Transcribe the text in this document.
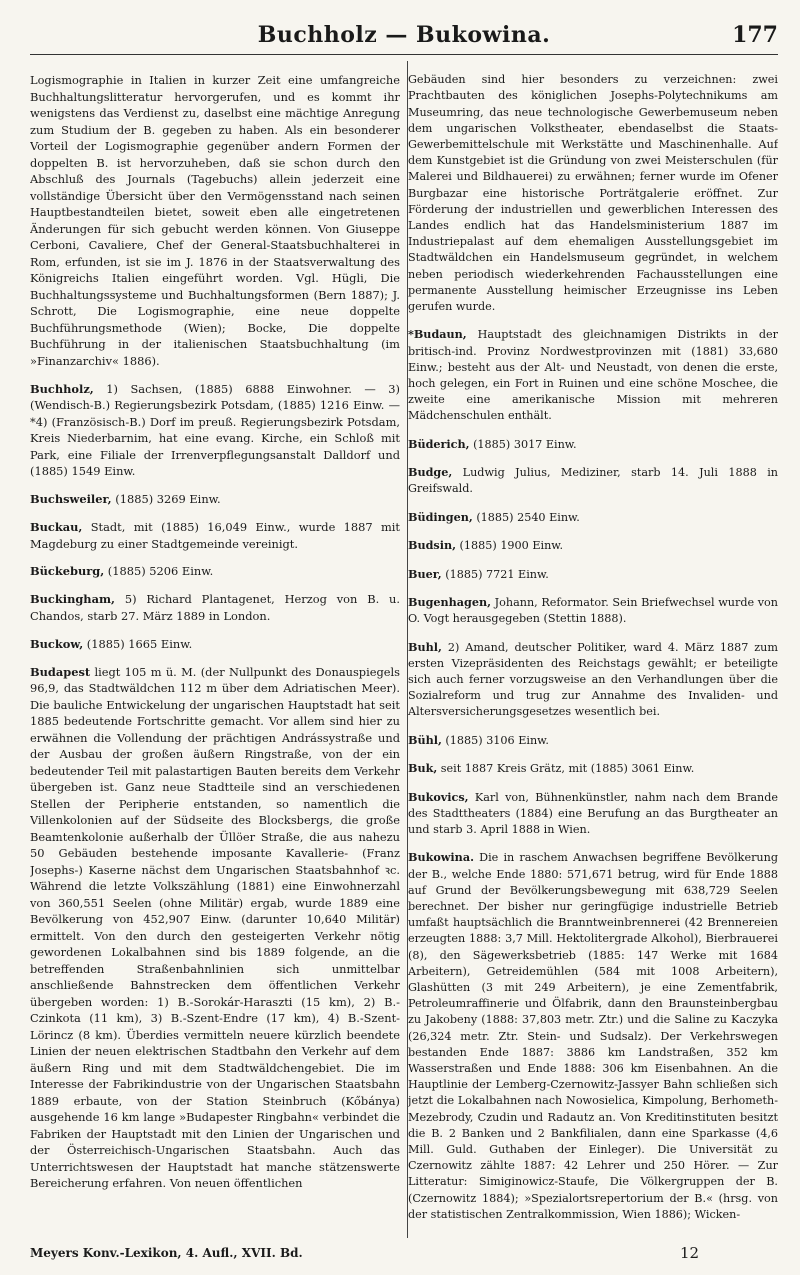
Buchholz — Bukowina.	177

Logismographie in Italien in kurzer Zeit eine umfangreiche Buchhaltungslitteratur hervorgerufen, und es kommt ihr wenigstens das Verdienst zu, daselbst eine mächtige Anregung zum Studium der B. gegeben zu haben. Als ein besonderer Vorteil der Logismographie gegenüber andern Formen der doppelten B. ist hervorzuheben, daß sie schon durch den Abschluß des Journals (Tagebuchs) allein jederzeit eine vollständige Übersicht über den Vermögensstand nach seinen Hauptbestandteilen bietet, soweit eben alle eingetretenen Änderungen für sich gebucht werden können. Von Giuseppe Cerboni, Cavaliere, Chef der General-Staatsbuchhalterei in Rom, erfunden, ist sie im J. 1876 in der Staatsverwaltung des Königreichs Italien eingeführt worden. Vgl. Hügli, Die Buchhaltungssysteme und Buchhaltungsformen (Bern 1887); J. Schrott, Die Logismographie, eine neue doppelte Buchführungsmethode (Wien); Bocke, Die doppelte Buchführung in der italienischen Staatsbuchhaltung (im »Finanzarchiv« 1886).

Buchholz, 1) Sachsen, (1885) 6888 Einwohner. — 3) (Wendisch-B.) Regierungsbezirk Potsdam, (1885) 1216 Einw. — *4) (Französisch-B.) Dorf im preuß. Regierungsbezirk Potsdam, Kreis Niederbarnim, hat eine evang. Kirche, ein Schloß mit Park, eine Filiale der Irrenverpflegungsanstalt Dalldorf und (1885) 1549 Einw.

Buchsweiler, (1885) 3269 Einw.

Buckau, Stadt, mit (1885) 16,049 Einw., wurde 1887 mit Magdeburg zu einer Stadtgemeinde vereinigt.

Bückeburg, (1885) 5206 Einw.

Buckingham, 5) Richard Plantagenet, Herzog von B. u. Chandos, starb 27. März 1889 in London.

Buckow, (1885) 1665 Einw.

Budapest liegt 105 m ü. M. (der Nullpunkt des Donauspiegels 96,9, das Stadtwäldchen 112 m über dem Adriatischen Meer). Die bauliche Entwickelung der ungarischen Hauptstadt hat seit 1885 bedeutende Fortschritte gemacht. Vor allem sind hier zu erwähnen die Vollendung der prächtigen Andrássystraße und der Ausbau der großen äußern Ringstraße, von der ein bedeutender Teil mit palastartigen Bauten bereits dem Verkehr übergeben ist. Ganz neue Stadtteile sind an verschiedenen Stellen der Peripherie entstanden, so namentlich die Villenkolonien auf der Südseite des Blocksbergs, die große Beamtenkolonie außerhalb der Üllöer Straße, die aus nahezu 50 Gebäuden bestehende imposante Kavallerie- (Franz Josephs-) Kaserne nächst dem Ungarischen Staatsbahnhof ꝛc. Während die letzte Volkszählung (1881) eine Einwohnerzahl von 360,551 Seelen (ohne Militär) ergab, wurde 1889 eine Bevölkerung von 452,907 Einw. (darunter 10,640 Militär) ermittelt. Von den durch den gesteigerten Verkehr nötig gewordenen Lokalbahnen sind bis 1889 folgende, an die betreffenden Straßenbahnlinien sich unmittelbar anschließende Bahnstrecken dem öffentlichen Verkehr übergeben worden: 1) B.-Sorokár-Haraszti (15 km), 2) B.-Czinkota (11 km), 3) B.-Szent-Endre (17 km), 4) B.-Szent-Lörincz (8 km). Überdies vermitteln neuere kürzlich beendete Linien der neuen elektrischen Stadtbahn den Verkehr auf dem äußern Ring und mit dem Stadtwäldchengebiet. Die im Interesse der Fabrikindustrie von der Ungarischen Staatsbahn 1889 erbaute, von der Station Steinbruch (Kőbánya) ausgehende 16 km lange »Budapester Ringbahn« verbindet die Fabriken der Hauptstadt mit den Linien der Ungarischen und der Österreichisch-Ungarischen Staatsbahn. Auch das Unterrichtswesen der Hauptstadt hat manche stätzenswerte Bereicherung erfahren. Von neuen öffentlichen

Gebäuden sind hier besonders zu verzeichnen: zwei Prachtbauten des königlichen Josephs-Polytechnikums am Museumring, das neue technologische Gewerbemuseum neben dem ungarischen Volkstheater, ebendaselbst die Staats-Gewerbemittelschule mit Werkstätte und Maschinenhalle. Auf dem Kunstgebiet ist die Gründung von zwei Meisterschulen (für Malerei und Bildhauerei) zu erwähnen; ferner wurde im Ofener Burgbazar eine historische Porträtgalerie eröffnet. Zur Förderung der industriellen und gewerblichen Interessen des Landes endlich hat das Handelsministerium 1887 im Industriepalast auf dem ehemaligen Ausstellungsgebiet im Stadtwäldchen ein Handelsmuseum gegründet, in welchem neben periodisch wiederkehrenden Fachausstellungen eine permanente Ausstellung heimischer Erzeugnisse ins Leben gerufen wurde.

*Budaun, Hauptstadt des gleichnamigen Distrikts in der britisch-ind. Provinz Nordwestprovinzen mit (1881) 33,680 Einw.; besteht aus der Alt- und Neustadt, von denen die erste, hoch gelegen, ein Fort in Ruinen und eine schöne Moschee, die zweite eine amerikanische Mission mit mehreren Mädchenschulen enthält.

Büderich, (1885) 3017 Einw.

Budge, Ludwig Julius, Mediziner, starb 14. Juli 1888 in Greifswald.

Büdingen, (1885) 2540 Einw.

Budsin, (1885) 1900 Einw.

Buer, (1885) 7721 Einw.

Bugenhagen, Johann, Reformator. Sein Briefwechsel wurde von O. Vogt herausgegeben (Stettin 1888).

Buhl, 2) Amand, deutscher Politiker, ward 4. März 1887 zum ersten Vizepräsidenten des Reichstags gewählt; er beteiligte sich auch ferner vorzugsweise an den Verhandlungen über die Sozialreform und trug zur Annahme des Invaliden- und Altersversicherungsgesetzes wesentlich bei.

Bühl, (1885) 3106 Einw.

Buk, seit 1887 Kreis Grätz, mit (1885) 3061 Einw.

Bukovics, Karl von, Bühnenkünstler, nahm nach dem Brande des Stadttheaters (1884) eine Berufung an das Burgtheater an und starb 3. April 1888 in Wien.

Bukowina. Die in raschem Anwachsen begriffene Bevölkerung der B., welche Ende 1880: 571,671 betrug, wird für Ende 1888 auf Grund der Bevölkerungsbewegung mit 638,729 Seelen berechnet. Der bisher nur geringfügige industrielle Betrieb umfaßt hauptsächlich die Branntweinbrennerei (42 Brennereien erzeugten 1888: 3,7 Mill. Hektolitergrade Alkohol), Bierbrauerei (8), den Sägewerksbetrieb (1885: 147 Werke mit 1684 Arbeitern), Getreidemühlen (584 mit 1008 Arbeitern), Glashütten (3 mit 249 Arbeitern), je eine Zementfabrik, Petroleumraffinerie und Ölfabrik, dann den Braunsteinbergbau zu Jakobeny (1888: 37,803 metr. Ztr.) und die Saline zu Kaczyka (26,324 metr. Ztr. Stein- und Sudsalz). Der Verkehrswegen bestanden Ende 1887: 3886 km Landstraßen, 352 km Wasserstraßen und Ende 1888: 306 km Eisenbahnen. An die Hauptlinie der Lemberg-Czernowitz-Jassyer Bahn schließen sich jetzt die Lokalbahnen nach Nowosielica, Kimpolung, Berhometh-Mezebrody, Czudin und Radautz an. Von Kreditinstituten besitzt die B. 2 Banken und 2 Bankfilialen, dann eine Sparkasse (4,6 Mill. Guld. Guthaben der Einleger). Die Universität zu Czernowitz zählte 1887: 42 Lehrer und 250 Hörer. — Zur Litteratur: Simiginowicz-Staufe, Die Völkergruppen der B. (Czernowitz 1884); »Spezialortsrepertorium der B.« (hrsg. von der statistischen Zentralkommission, Wien 1886); Wicken-

Meyers Konv.-Lexikon, 4. Aufl., XVII. Bd.	12
